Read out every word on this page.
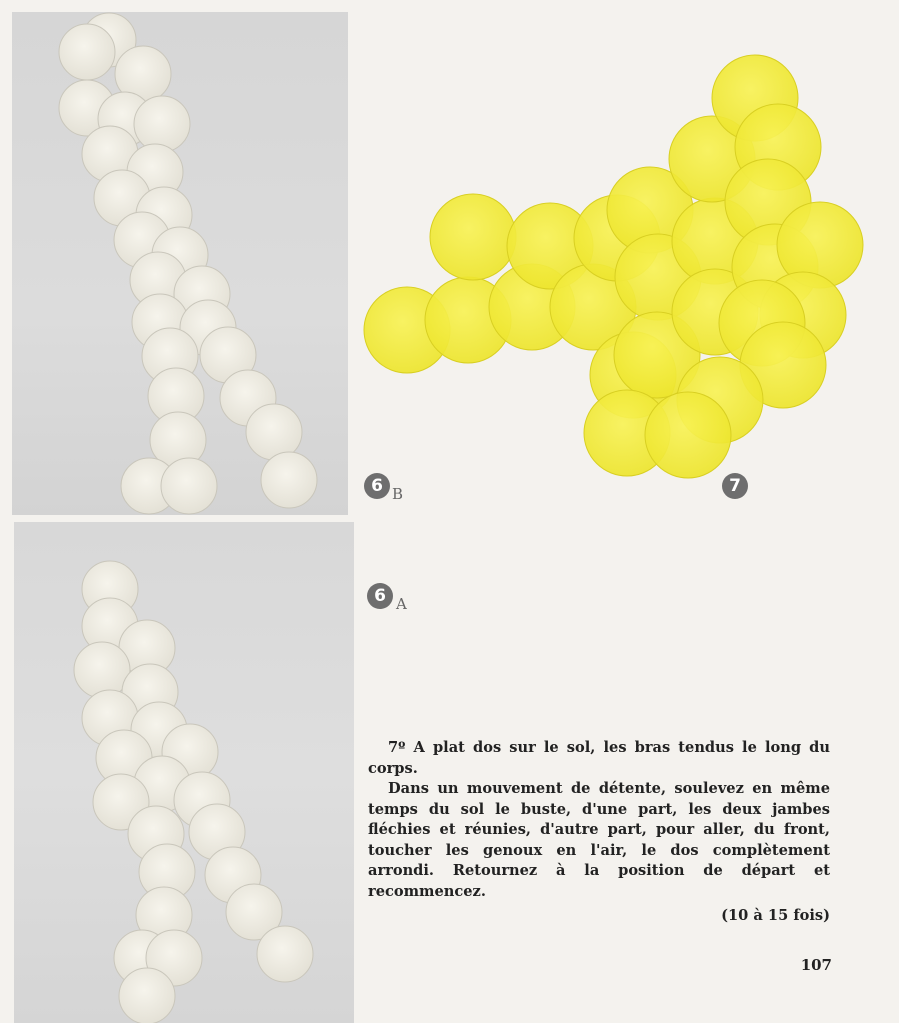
6 B	7
6 A

7º A plat dos sur le sol, les bras tendus le long du corps.

Dans un mouvement de détente, soulevez en même temps du sol le buste, d'une part, les deux jambes fléchies et réunies, d'autre part, pour aller, du front, toucher les genoux en l'air, le dos complètement arrondi. Retournez à la position de départ et recommencez.

(10 à 15 fois)

107
